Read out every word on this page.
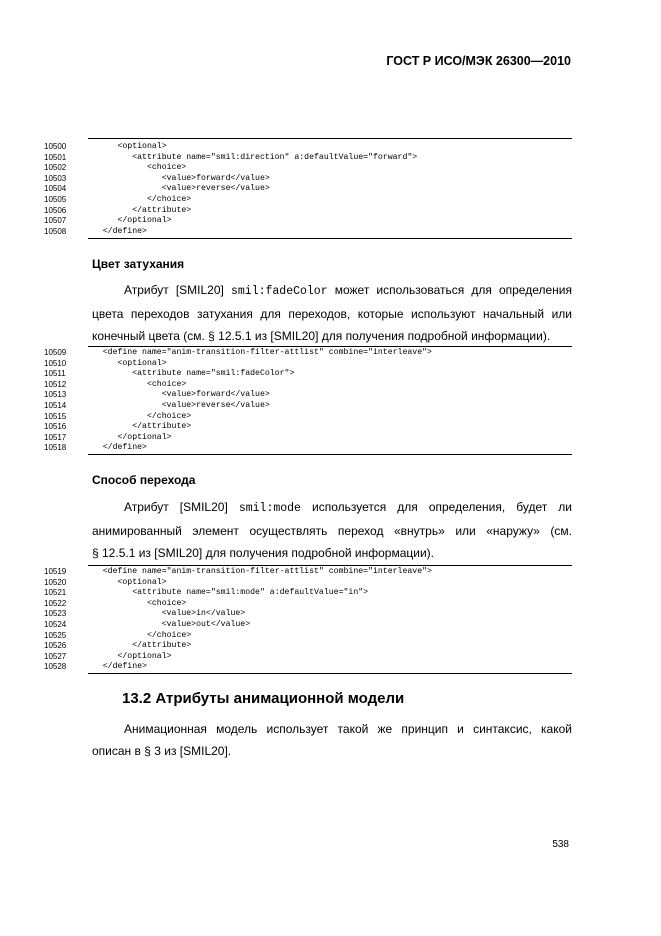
ГОСТ Р ИСО/МЭК 26300—2010
10500	<optional>
10501	<attribute name="smil:direction" a:defaultValue="forward">
10502	<choice>
10503	<value>forward</value>
10504	<value>reverse</value>
10505	</choice>
10506	</attribute>
10507	</optional>
10508	</define>
Цвет затухания
Атрибут [SMIL20] smil:fadeColor может использоваться для определения
цвета переходов затухания для переходов, которые используют начальный или
конечный цвета (см. § 12.5.1 из [SMIL20] для получения подробной информации).
10509	<define name="anim-transition-filter-attlist" combine="interleave">
10510	<optional>
10511	<attribute name="smil:fadeColor">
10512	<choice>
10513	<value>forward</value>
10514	<value>reverse</value>
10515	</choice>
10516	</attribute>
10517	</optional>
10518	</define>
Способ перехода
Атрибут [SMIL20] smil:mode используется для определения, будет ли
анимированный элемент осуществлять переход «внутрь» или «наружу» (см.
§ 12.5.1 из [SMIL20] для получения подробной информации).
10519	<define name="anim-transition-filter-attlist" combine="interleave">
10520	<optional>
10521	<attribute name="smil:mode" a:defaultValue="in">
10522	<choice>
10523	<value>in</value>
10524	<value>out</value>
10525	</choice>
10526	</attribute>
10527	</optional>
10528	</define>
13.2 Атрибуты анимационной модели
Анимационная модель использует такой же принцип и синтаксис, какой
описан в § 3 из [SMIL20].
538
